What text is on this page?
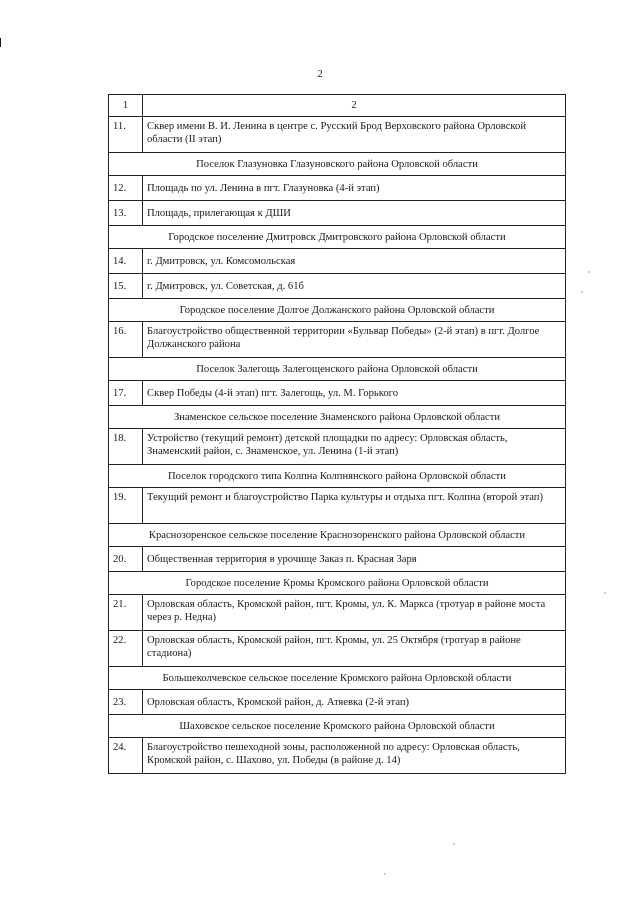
2
1	2
11.	Сквер имени В. И. Ленина в центре с. Русский Брод Верховского района Орловской области (II этап)
Поселок Глазуновка Глазуновского района Орловской области	
12.	Площадь по ул. Ленина в пгт. Глазуновка (4-й этап)
13.	Площадь, прилегающая к ДШИ
Городское поселение Дмитровск Дмитровского района Орловской области	
14.	г. Дмитровск, ул. Комсомольская
15.	г. Дмитровск, ул. Советская, д. 61б
Городское поселение Долгое Должанского района Орловской области	
16.	Благоустройство общественной территории «Бульвар Победы» (2-й этап) в пгт. Долгое Должанского района
Поселок Залегощь Залегощенского района Орловской области	
17.	Сквер Победы (4-й этап) пгт. Залегощь, ул. М. Горького
Знаменское сельское поселение Знаменского района Орловской области	
18.	Устройство (текущий ремонт) детской площадки по адресу: Орловская область, Знаменский район, с. Знаменское, ул. Ленина (1-й этап)
Поселок городского типа Колпна Колпнянского района Орловской области	
19.	Текущий ремонт и благоустройство Парка культуры и отдыха пгт. Колпна (второй этап)
Краснозоренское сельское поселение Краснозоренского района Орловской области	
20.	Общественная территория в урочище Заказ п. Красная Заря
Городское поселение Кромы Кромского района Орловской области	
21.	Орловская область, Кромской район, пгт. Кромы, ул. К. Маркса (тротуар в районе моста через р. Недна)
22.	Орловская область, Кромской район, пгт. Кромы, ул. 25 Октября (тротуар в районе стадиона)
Большеколчевское сельское поселение Кромского района Орловской области	
23.	Орловская область, Кромской район, д. Атяевка (2-й этап)
Шаховское сельское поселение Кромского района Орловской области	
24.	Благоустройство пешеходной зоны, расположенной по адресу: Орловская область, Кромской район, с. Шахово, ул. Победы (в районе д. 14)
